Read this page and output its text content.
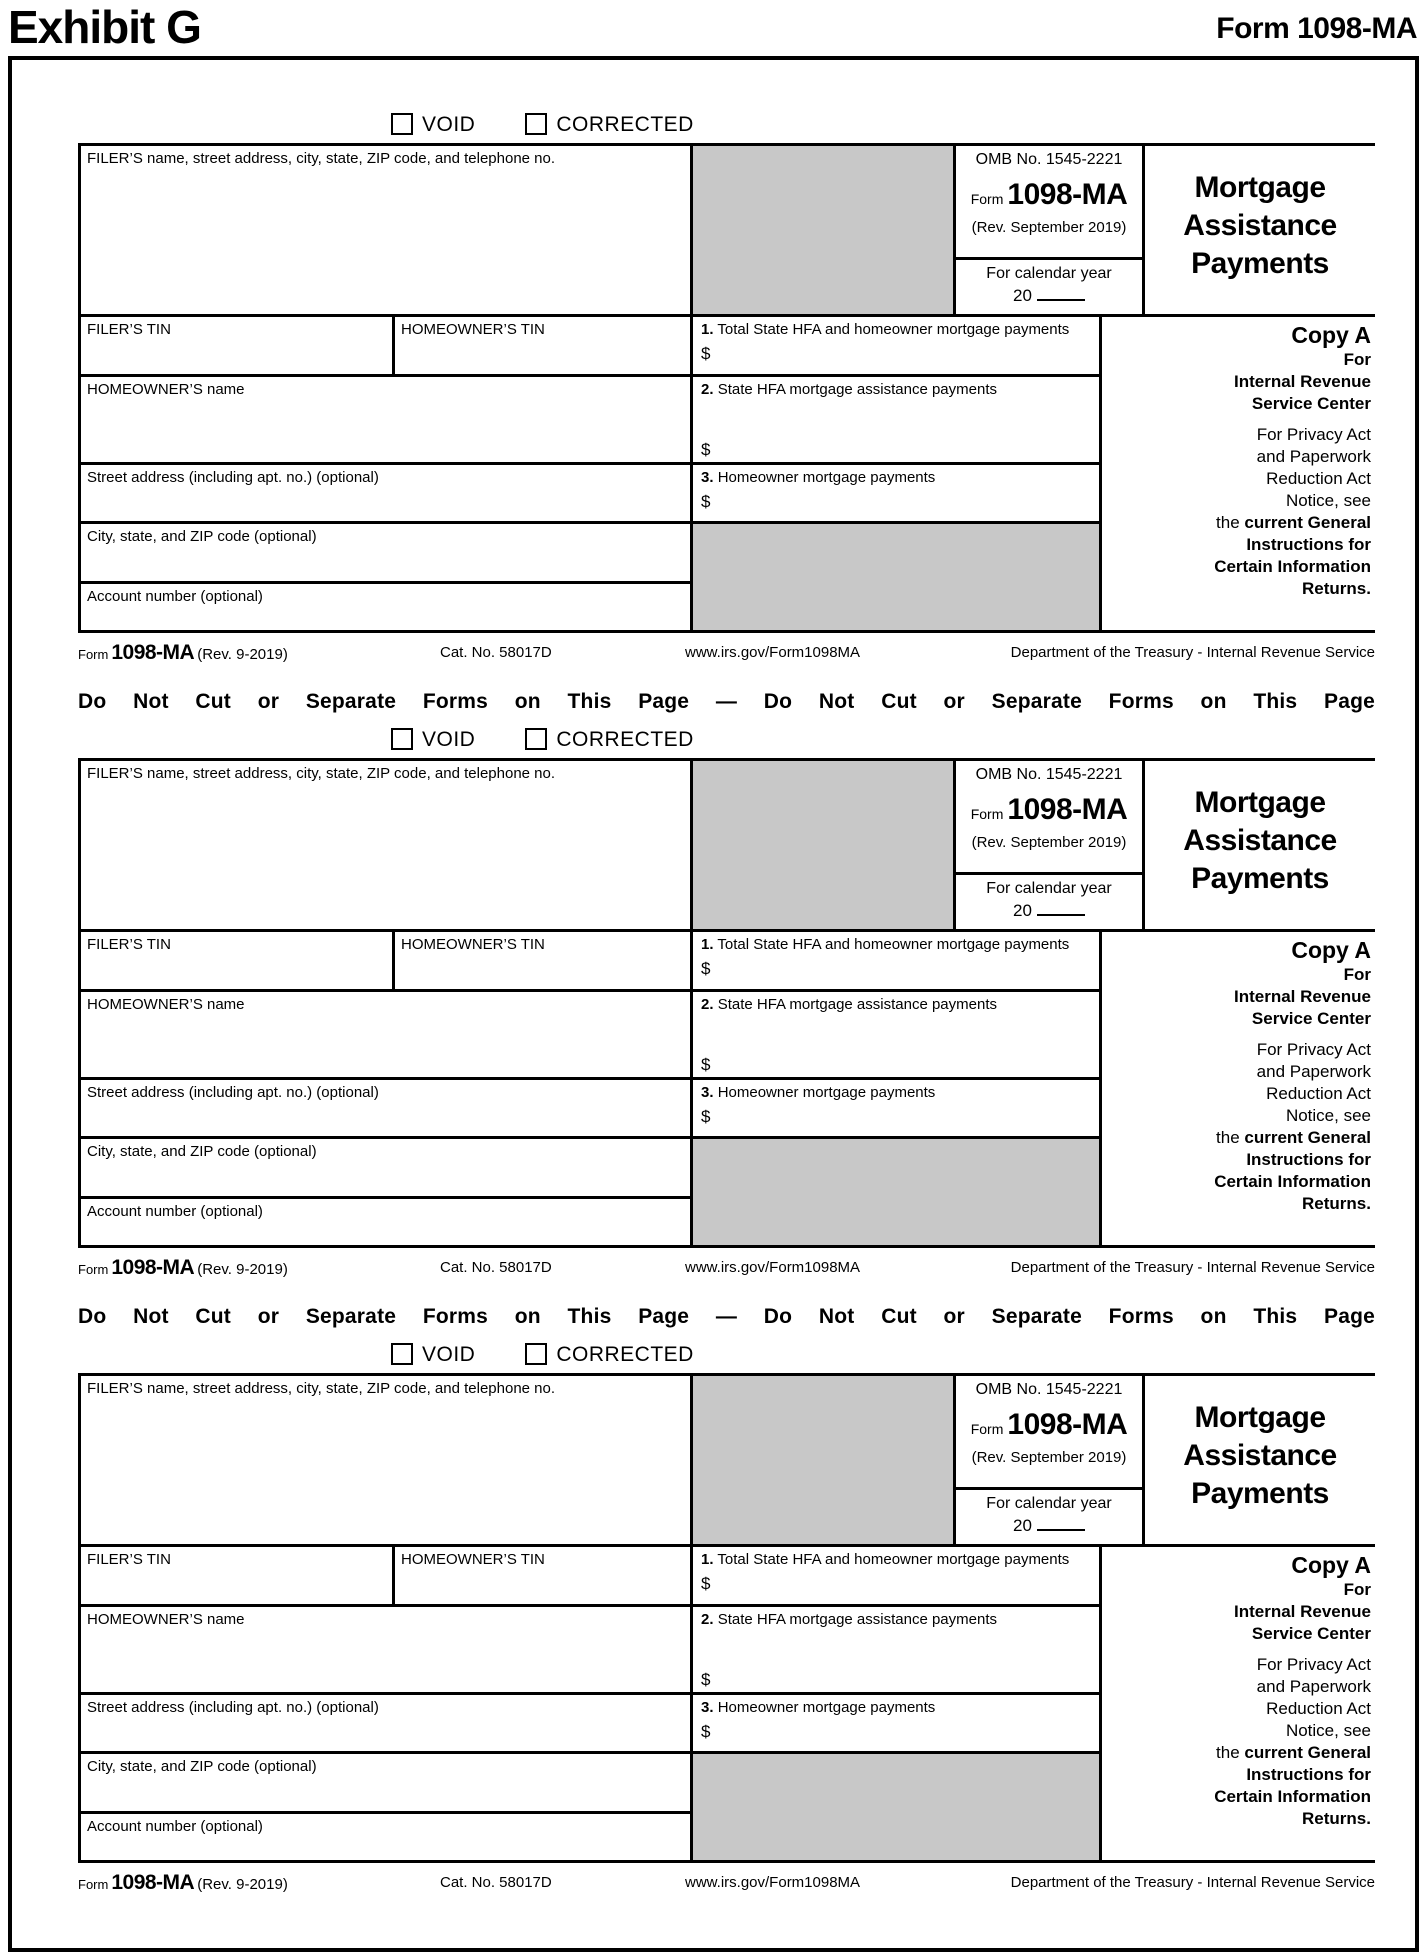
Exhibit G	Form 1098-MA
VOID	CORRECTED
FILER’S name, street address, city, state, ZIP code, and telephone no.	OMB No. 1545-2221
Form 1098-MA
(Rev. September 2019)
For calendar year
20
Mortgage Assistance Payments
FILER’S TIN	HOMEOWNER’S TIN
HOMEOWNER’S name
Street address (including apt. no.) (optional)
City, state, and ZIP code (optional)
Account number (optional)
1. Total State HFA and homeowner mortgage payments
$
2. State HFA mortgage assistance payments
$
3. Homeowner mortgage payments
$
Copy A
For
Internal Revenue
Service Center
For Privacy Act
and Paperwork
Reduction Act
Notice, see
the current General
Instructions for
Certain Information
Returns.
Form 1098-MA (Rev. 9-2019)	Cat. No. 58017D	www.irs.gov/Form1098MA	Department of the Treasury - Internal Revenue Service
Do Not Cut or Separate Forms on This Page — Do Not Cut or Separate Forms on This Page
VOID	CORRECTED
FILER’S name, street address, city, state, ZIP code, and telephone no.	OMB No. 1545-2221
Form 1098-MA
(Rev. September 2019)
For calendar year
20
Mortgage Assistance Payments
FILER’S TIN	HOMEOWNER’S TIN
HOMEOWNER’S name
Street address (including apt. no.) (optional)
City, state, and ZIP code (optional)
Account number (optional)
1. Total State HFA and homeowner mortgage payments
$
2. State HFA mortgage assistance payments
$
3. Homeowner mortgage payments
$
Copy A
For
Internal Revenue
Service Center
For Privacy Act
and Paperwork
Reduction Act
Notice, see
the current General
Instructions for
Certain Information
Returns.
Form 1098-MA (Rev. 9-2019)	Cat. No. 58017D	www.irs.gov/Form1098MA	Department of the Treasury - Internal Revenue Service
Do Not Cut or Separate Forms on This Page — Do Not Cut or Separate Forms on This Page
VOID	CORRECTED
FILER’S name, street address, city, state, ZIP code, and telephone no.	OMB No. 1545-2221
Form 1098-MA
(Rev. September 2019)
For calendar year
20
Mortgage Assistance Payments
FILER’S TIN	HOMEOWNER’S TIN
HOMEOWNER’S name
Street address (including apt. no.) (optional)
City, state, and ZIP code (optional)
Account number (optional)
1. Total State HFA and homeowner mortgage payments
$
2. State HFA mortgage assistance payments
$
3. Homeowner mortgage payments
$
Copy A
For
Internal Revenue
Service Center
For Privacy Act
and Paperwork
Reduction Act
Notice, see
the current General
Instructions for
Certain Information
Returns.
Form 1098-MA (Rev. 9-2019)	Cat. No. 58017D	www.irs.gov/Form1098MA	Department of the Treasury - Internal Revenue Service
